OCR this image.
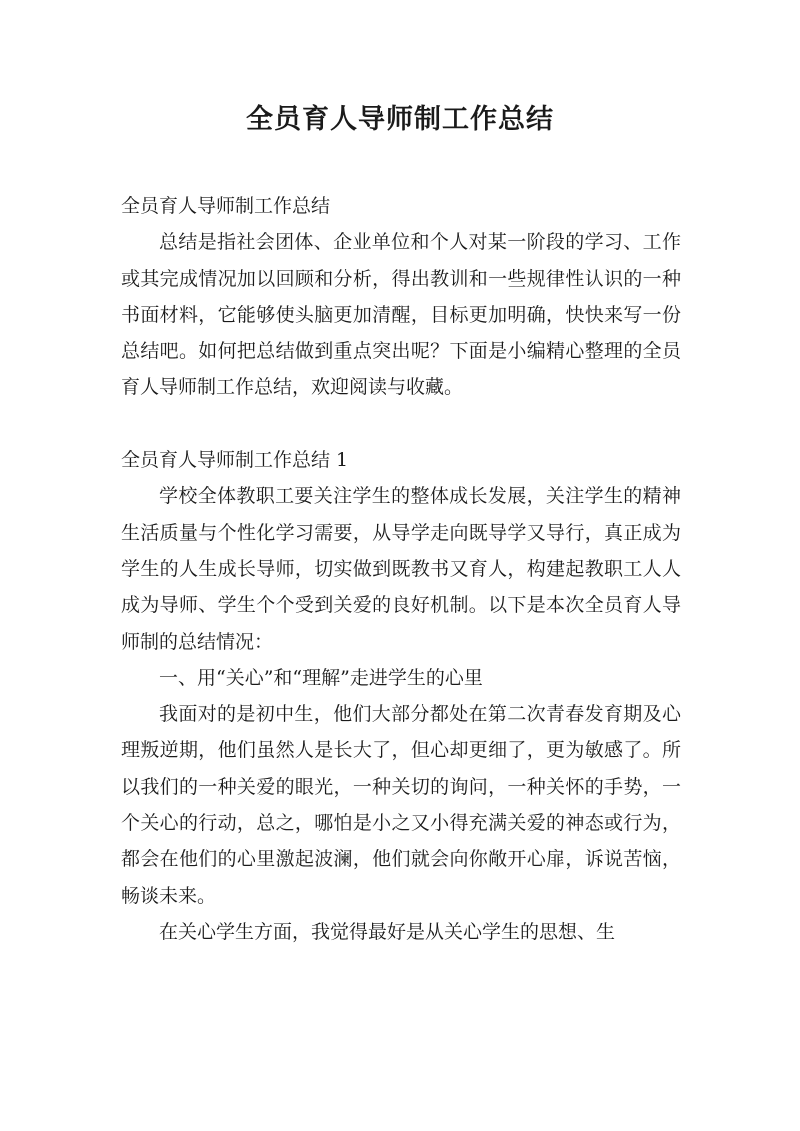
全员育人导师制工作总结

全员育人导师制工作总结

总结是指社会团体、企业单位和个人对某一阶段的学习、工作或其完成情况加以回顾和分析，得出教训和一些规律性认识的一种书面材料，它能够使头脑更加清醒，目标更加明确，快快来写一份总结吧。如何把总结做到重点突出呢？下面是小编精心整理的全员育人导师制工作总结，欢迎阅读与收藏。

全员育人导师制工作总结 1

学校全体教职工要关注学生的整体成长发展，关注学生的精神生活质量与个性化学习需要，从导学走向既导学又导行，真正成为学生的人生成长导师，切实做到既教书又育人，构建起教职工人人成为导师、学生个个受到关爱的良好机制。以下是本次全员育人导师制的总结情况：

一、用“关心”和“理解”走进学生的心里

我面对的是初中生，他们大部分都处在第二次青春发育期及心理叛逆期，他们虽然人是长大了，但心却更细了，更为敏感了。所以我们的一种关爱的眼光，一种关切的询问，一种关怀的手势，一个关心的行动，总之，哪怕是小之又小得充满关爱的神态或行为，都会在他们的心里激起波澜，他们就会向你敞开心扉，诉说苦恼，畅谈未来。

在关心学生方面，我觉得最好是从关心学生的思想、生
